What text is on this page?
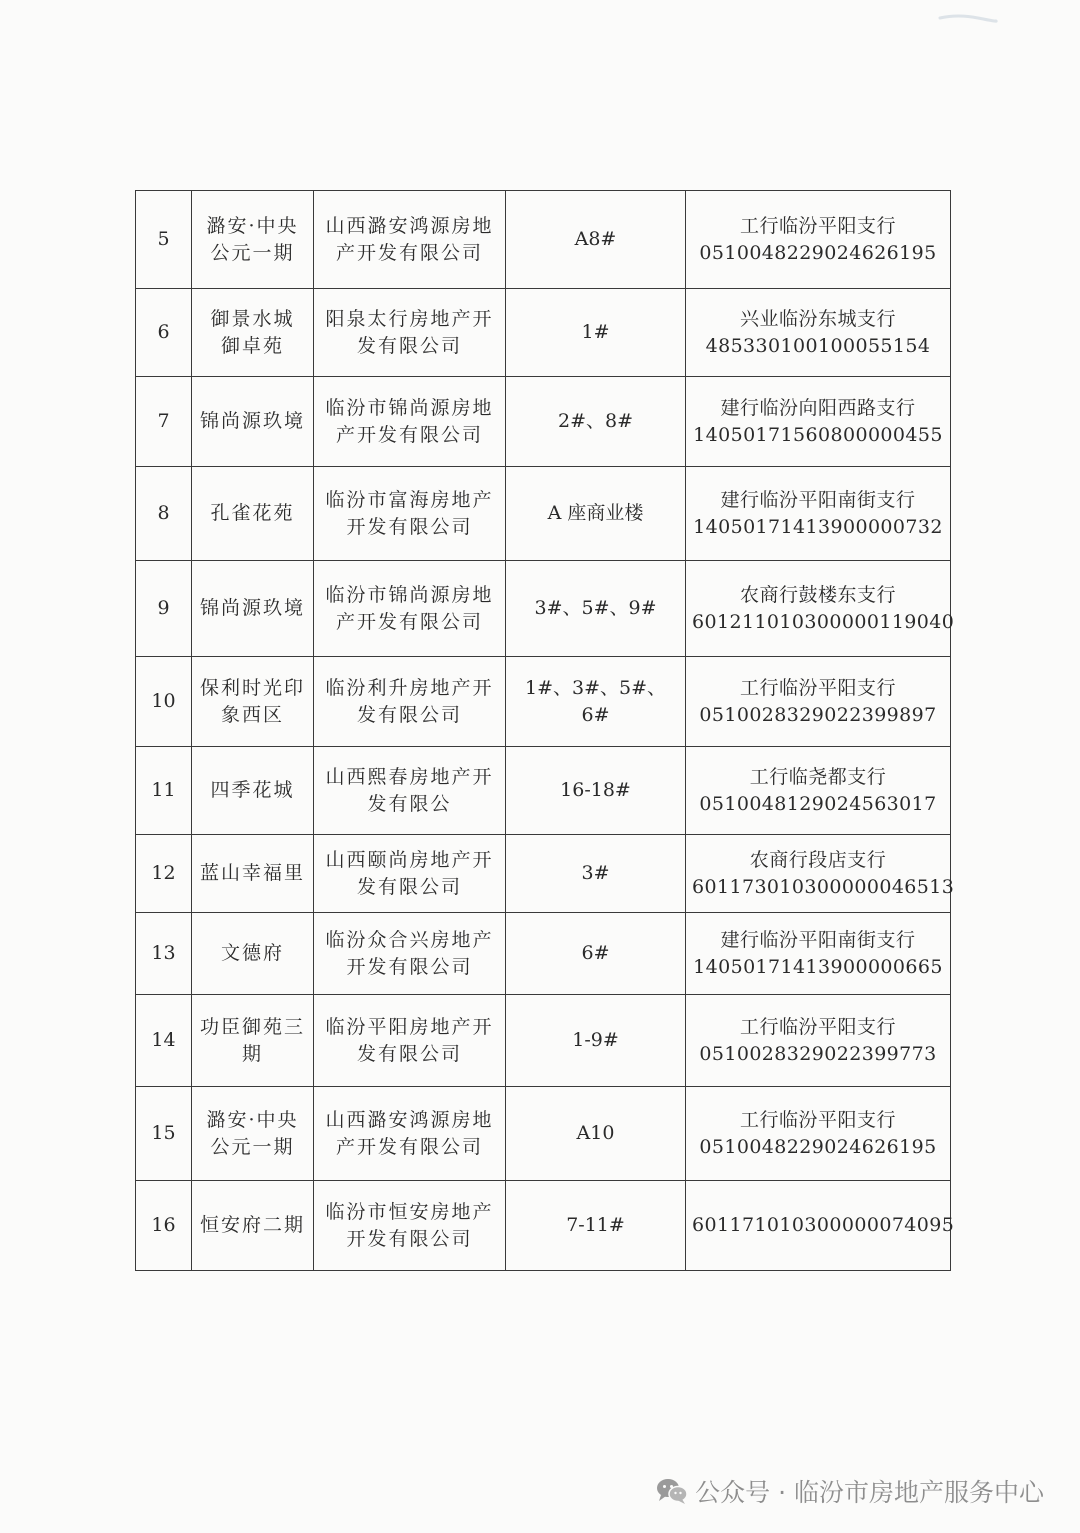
5	潞安·中央
公元一期	山西潞安鸿源房地
产开发有限公司	A8#	工行临汾平阳支行
0510048229024626195

6	御景水城
御卓苑	阳泉太行房地产开
发有限公司	1#	兴业临汾东城支行
485330100100055154

7	锦尚源玖境	临汾市锦尚源房地
产开发有限公司	2#、8#	建行临汾向阳西路支行
14050171560800000455

8	孔雀花苑	临汾市富海房地产
开发有限公司	A 座商业楼	建行临汾平阳南街支行
14050171413900000732

9	锦尚源玖境	临汾市锦尚源房地
产开发有限公司	3#、5#、9#	农商行鼓楼东支行
601211010300000119040

10	保利时光印
象西区	临汾利升房地产开
发有限公司	1#、3#、5#、6#	工行临汾平阳支行
0510028329022399897

11	四季花城	山西熙春房地产开
发有限公	16-18#	工行临尧都支行
0510048129024563017

12	蓝山幸福里	山西颐尚房地产开
发有限公司	3#	农商行段店支行
601173010300000046513

13	文德府	临汾众合兴房地产
开发有限公司	6#	建行临汾平阳南街支行
14050171413900000665

14	功臣御苑三
期	临汾平阳房地产开
发有限公司	1-9#	工行临汾平阳支行
0510028329022399773

15	潞安·中央
公元一期	山西潞安鸿源房地
产开发有限公司	A10	工行临汾平阳支行
0510048229024626195

16	恒安府二期	临汾市恒安房地产
开发有限公司	7-11#	601171010300000074095
公众号 · 临汾市房地产服务中心
